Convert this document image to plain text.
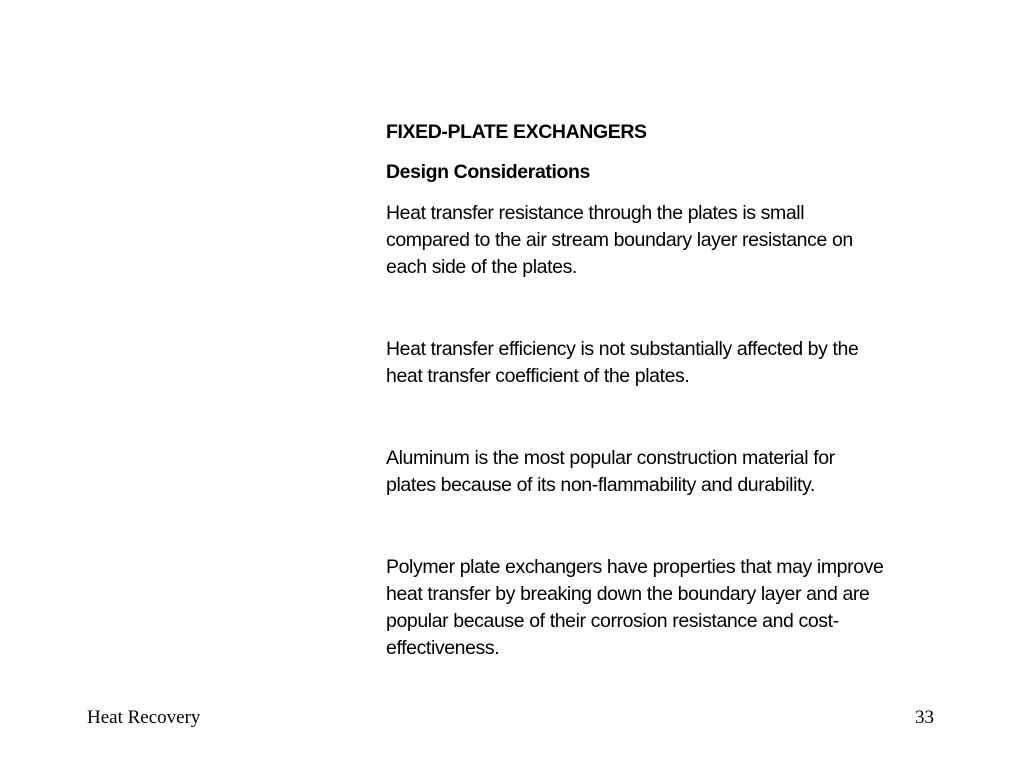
FIXED-PLATE EXCHANGERS
Design Considerations

Heat transfer resistance through the plates is small compared to the air stream boundary layer resistance on each side of the plates.

Heat transfer efficiency is not substantially affected by the heat transfer coefficient of the plates.

Aluminum is the most popular construction material for plates because of its non-flammability and durability.

Polymer plate exchangers have properties that may improve heat transfer by breaking down the boundary layer and are popular because of their corrosion resistance and cost-effectiveness.

Heat Recovery	33
